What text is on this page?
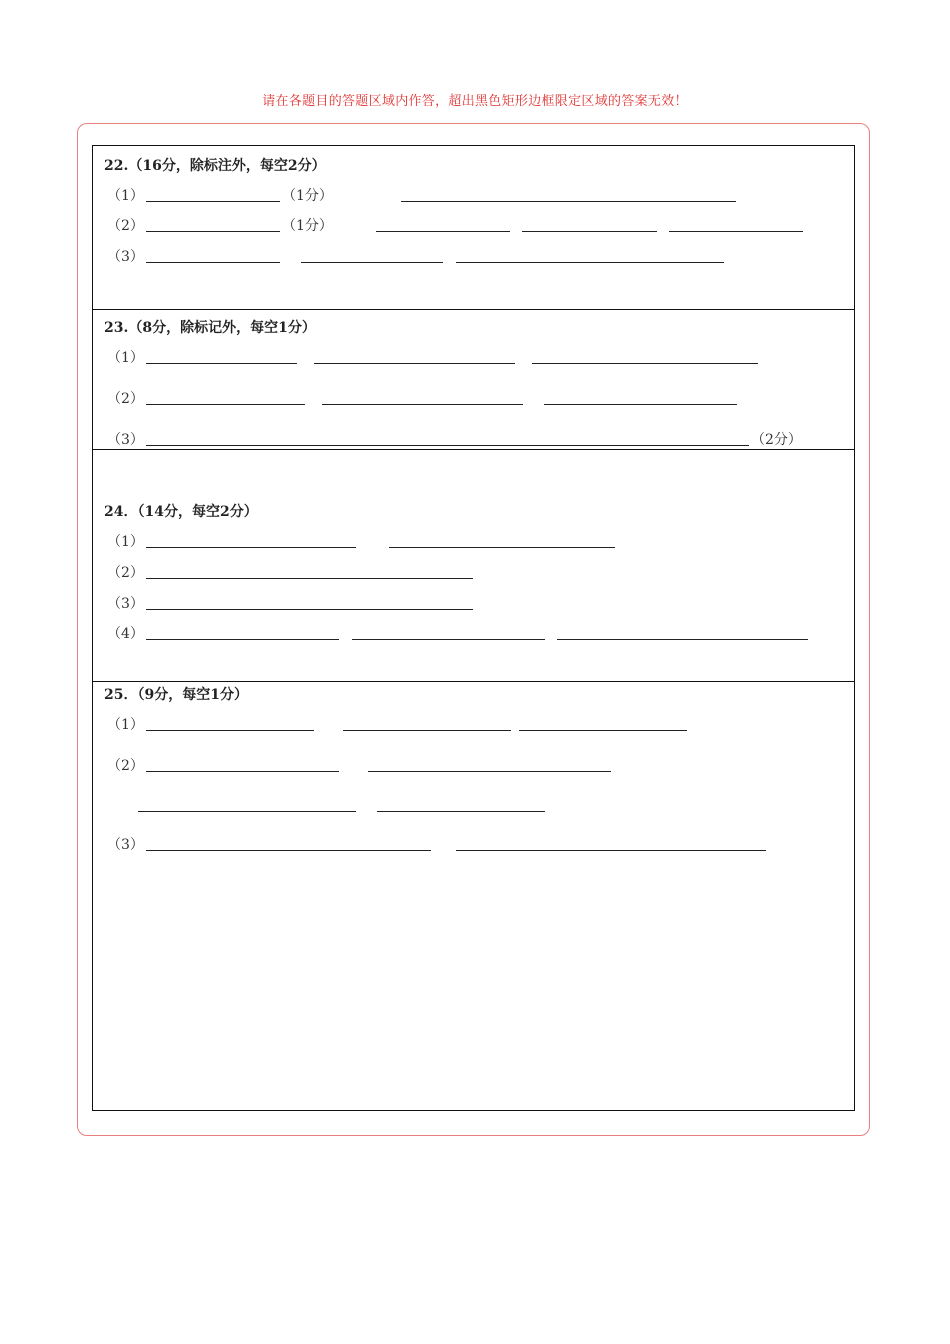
请在各题目的答题区域内作答，超出黑色矩形边框限定区域的答案无效！
22.（16分，除标注外，每空2分）
（1）	（1分）
（2）	（1分）
（3）
23.（8分，除标记外，每空1分）
（1）
（2）
（3）	（2分）
24．（14分，每空2分）
（1）
（2）
（3）
（4）
25．（9分，每空1分）
（1）
（2）
（3）
